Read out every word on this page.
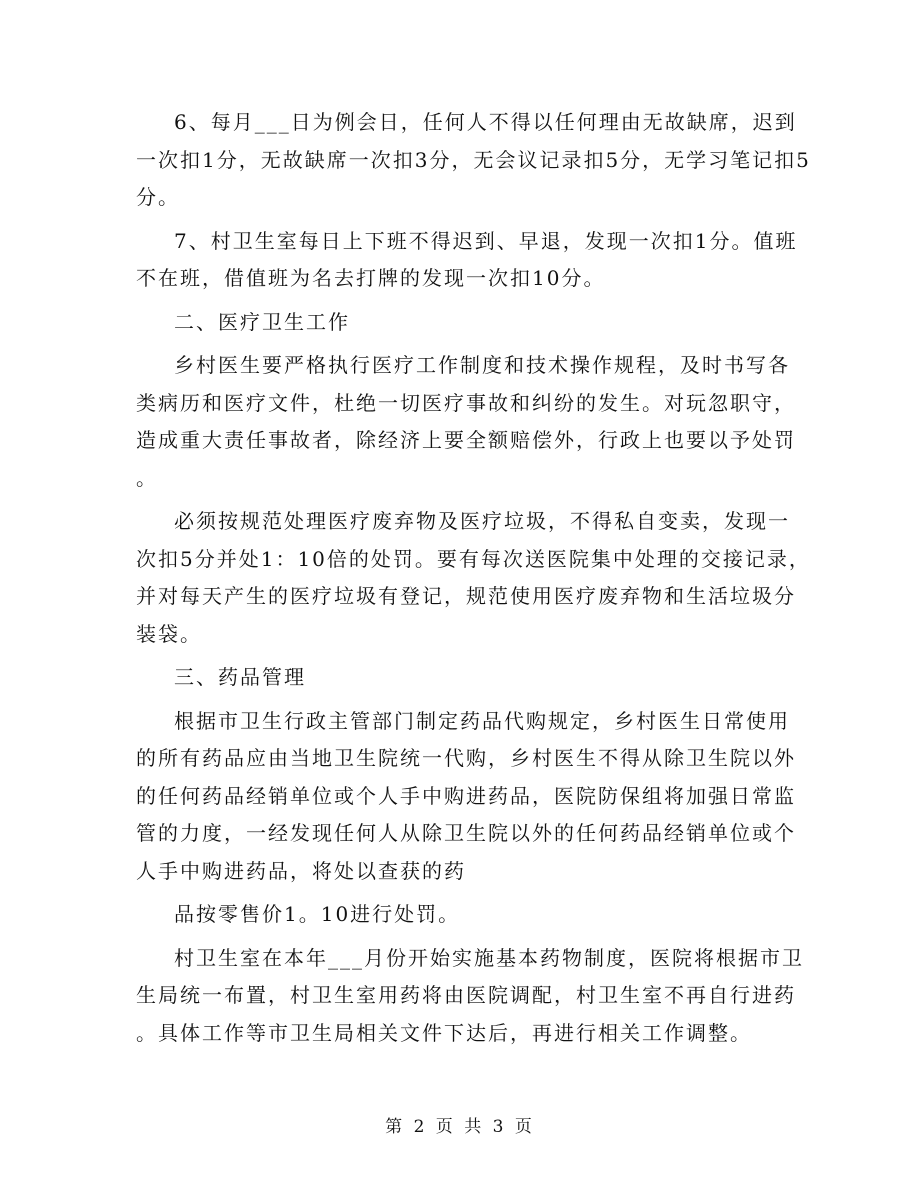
6、每月___日为例会日，任何人不得以任何理由无故缺席，迟到
一次扣1分，无故缺席一次扣3分，无会议记录扣5分，无学习笔记扣5
分。
7、村卫生室每日上下班不得迟到、早退，发现一次扣1分。值班
不在班，借值班为名去打牌的发现一次扣10分。
二、医疗卫生工作
乡村医生要严格执行医疗工作制度和技术操作规程，及时书写各
类病历和医疗文件，杜绝一切医疗事故和纠纷的发生。对玩忽职守，
造成重大责任事故者，除经济上要全额赔偿外，行政上也要以予处罚
。
必须按规范处理医疗废弃物及医疗垃圾，不得私自变卖，发现一
次扣5分并处1：10倍的处罚。要有每次送医院集中处理的交接记录，
并对每天产生的医疗垃圾有登记，规范使用医疗废弃物和生活垃圾分
装袋。
三、药品管理
根据市卫生行政主管部门制定药品代购规定，乡村医生日常使用
的所有药品应由当地卫生院统一代购，乡村医生不得从除卫生院以外
的任何药品经销单位或个人手中购进药品，医院防保组将加强日常监
管的力度，一经发现任何人从除卫生院以外的任何药品经销单位或个
人手中购进药品，将处以查获的药
品按零售价1。10进行处罚。
村卫生室在本年___月份开始实施基本药物制度，医院将根据市卫
生局统一布置，村卫生室用药将由医院调配，村卫生室不再自行进药
。具体工作等市卫生局相关文件下达后，再进行相关工作调整。
第 2 页 共 3 页
